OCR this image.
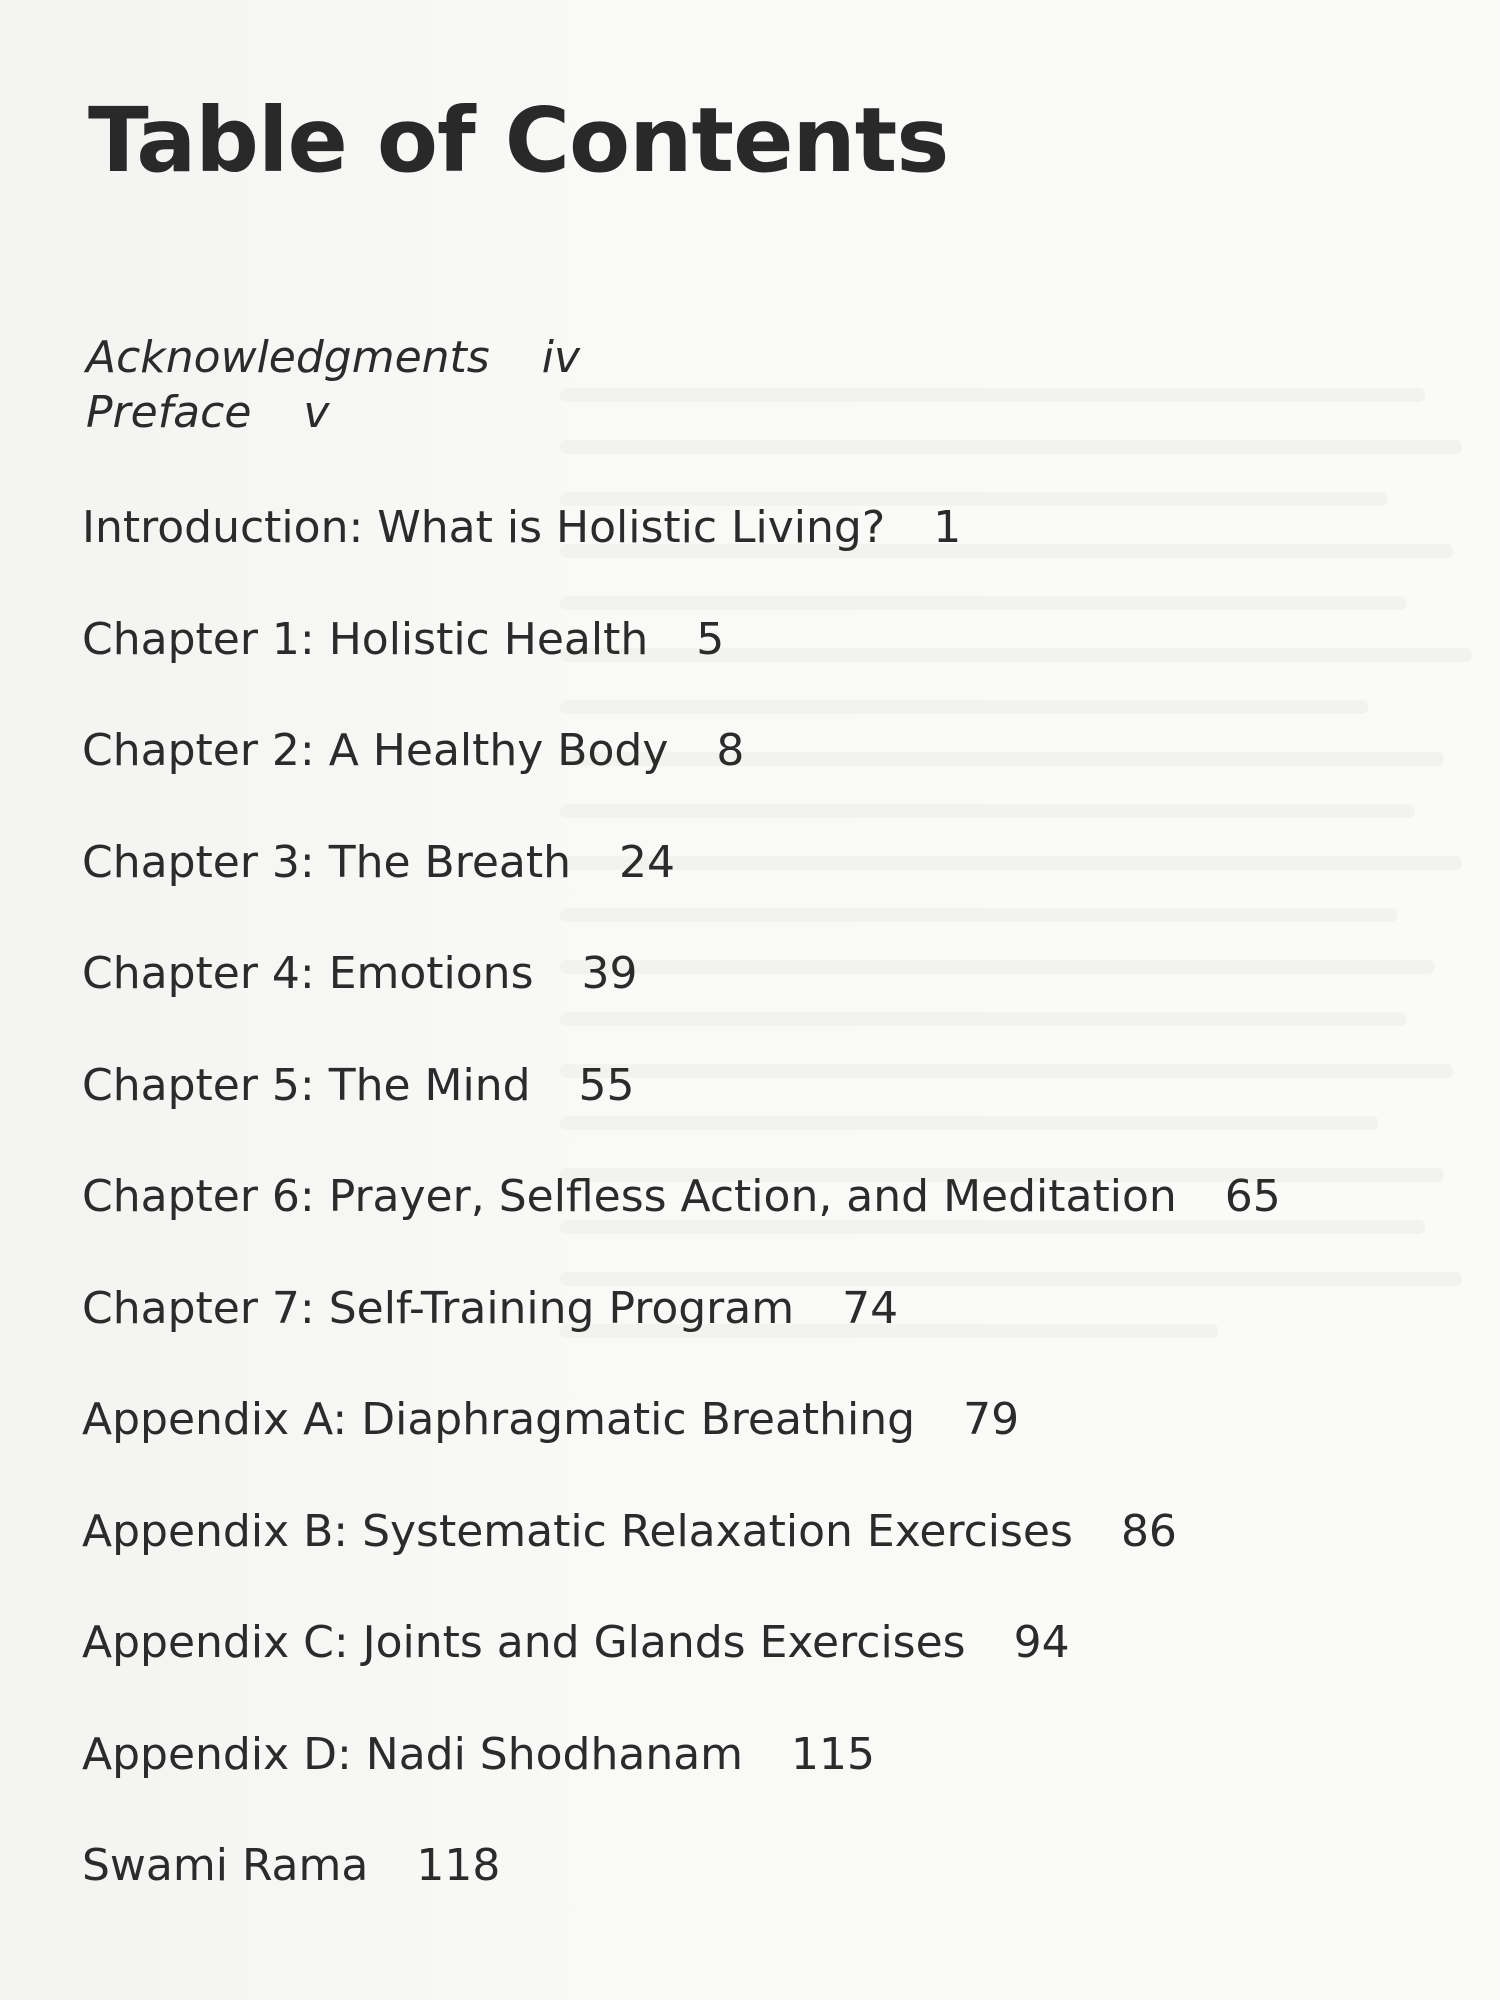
Table of Contents
Acknowledgments iv
Preface v
Introduction: What is Holistic Living? 1
Chapter 1: Holistic Health 5
Chapter 2: A Healthy Body 8
Chapter 3: The Breath 24
Chapter 4: Emotions 39
Chapter 5: The Mind 55
Chapter 6: Prayer, Selfless Action, and Meditation 65
Chapter 7: Self-Training Program 74
Appendix A: Diaphragmatic Breathing 79
Appendix B: Systematic Relaxation Exercises 86
Appendix C: Joints and Glands Exercises 94
Appendix D: Nadi Shodhanam 115
Swami Rama 118
